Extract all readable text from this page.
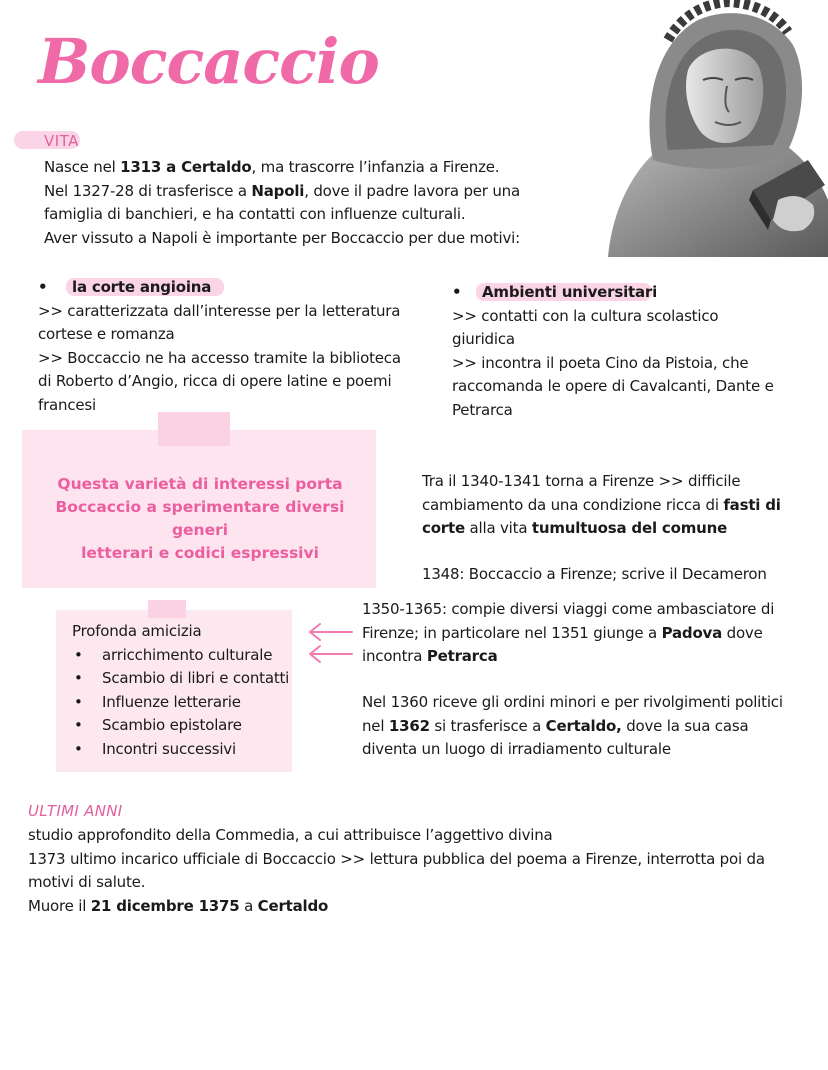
Boccaccio
VITA
Nasce nel 1313 a Certaldo, ma trascorre l’infanzia a Firenze.
Nel 1327-28 di trasferisce a Napoli, dove il padre lavora per una
famiglia di banchieri, e ha contatti con influenze culturali.
Aver vissuto a Napoli è importante per Boccaccio per due motivi:
• la corte angioina
>> caratterizzata dall’interesse per la letteratura
cortese e romanza
>> Boccaccio ne ha accesso tramite la biblioteca
di Roberto d’Angio, ricca di opere latine e poemi
francesi
• Ambienti universitari
>> contatti con la cultura scolastico
giuridica
>> incontra il poeta Cino da Pistoia, che
raccomanda le opere di Cavalcanti, Dante e
Petrarca
Questa varietà di interessi porta
Boccaccio a sperimentare diversi generi
letterari e codici espressivi
Tra il 1340-1341 torna a Firenze >> difficile
cambiamento da una condizione ricca di fasti di
corte alla vita tumultuosa del comune
1348: Boccaccio a Firenze; scrive il Decameron
Profonda amicizia
• arricchimento culturale
• Scambio di libri e contatti
• Influenze letterarie
• Scambio epistolare
• Incontri successivi
1350-1365: compie diversi viaggi come ambasciatore di
Firenze; in particolare nel 1351 giunge a Padova dove
incontra Petrarca
Nel 1360 riceve gli ordini minori e per rivolgimenti politici
nel 1362 si trasferisce a Certaldo, dove la sua casa
diventa un luogo di irradiamento culturale
ULTIMI ANNI
studio approfondito della Commedia, a cui attribuisce l’aggettivo divina
1373 ultimo incarico ufficiale di Boccaccio >> lettura pubblica del poema a Firenze, interrotta poi da
motivi di salute.
Muore il 21 dicembre 1375 a Certaldo
